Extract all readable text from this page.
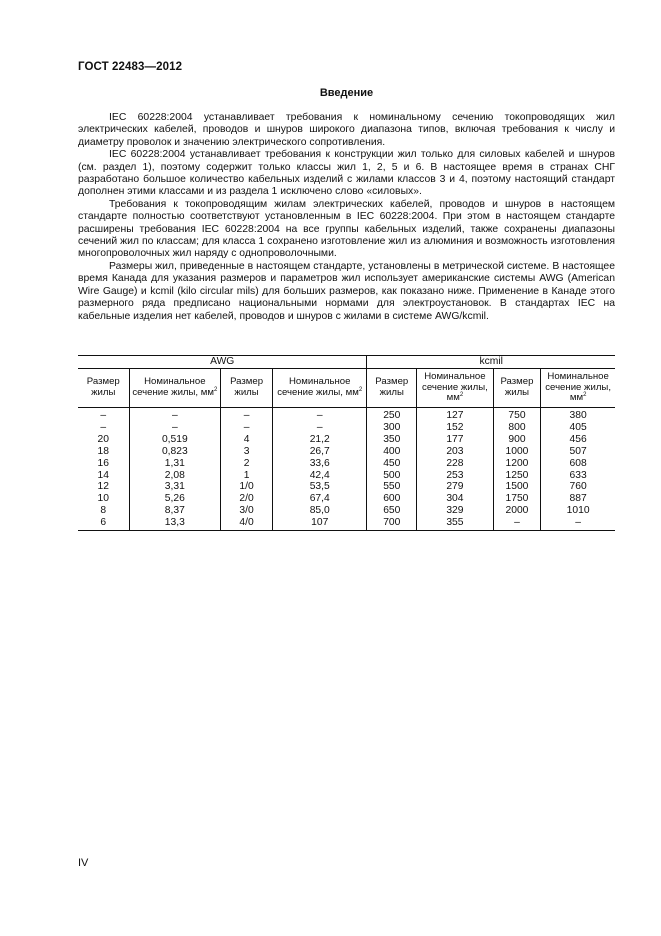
ГОСТ 22483—2012
Введение

IEC 60228:2004 устанавливает требования к номинальному сечению токопроводящих жил электрических кабелей, проводов и шнуров широкого диапазона типов, включая требования к числу и диаметру проволок и значению электрического сопротивления.

IEC 60228:2004 устанавливает требования к конструкции жил только для силовых кабелей и шнуров (см. раздел 1), поэтому содержит только классы жил 1, 2, 5 и 6. В настоящее время в странах СНГ разработано большое количество кабельных изделий с жилами классов 3 и 4, поэтому настоящий стандарт дополнен этими классами и из раздела 1 исключено слово «силовых».

Требования к токопроводящим жилам электрических кабелей, проводов и шнуров в настоящем стандарте полностью соответствуют установленным в IEC 60228:2004. При этом в настоящем стандарте расширены требования IEC 60228:2004 на все группы кабельных изделий, также сохранены диапазоны сечений жил по классам; для класса 1 сохранено изготовление жил из алюминия и возможность изготовления многопроволочных жил наряду с однопроволочными.

Размеры жил, приведенные в настоящем стандарте, установлены в метрической системе. В настоящее время Канада для указания размеров и параметров жил использует американские системы AWG (American Wire Gauge) и kcmil (kilo circular mils) для больших размеров, как показано ниже. Применение в Канаде этого размерного ряда предписано национальными нормами для электроустановок. В стандартах IEC на кабельные изделия нет кабелей, проводов и шнуров с жилами в системе AWG/kcmil.

AWG				kcmil			
Размер жилы	Номинальное сечение жилы, $мм^2$	Размер жилы	Номинальное сечение жилы, $мм^2$	Размер жилы	Номинальное сечение жилы, $мм^2$	Размер жилы	Номинальное сечение жилы, $мм^2$
–	–	–	–	250	127	750	380
–	–	–	–	300	152	800	405
20	0,519	4	21,2	350	177	900	456
18	0,823	3	26,7	400	203	1000	507
16	1,31	2	33,6	450	228	1200	608
14	2,08	1	42,4	500	253	1250	633
12	3,31	1/0	53,5	550	279	1500	760
10	5,26	2/0	67,4	600	304	1750	887
8	8,37	3/0	85,0	650	329	2000	1010
6	13,3	4/0	107	700	355	–	–
IV
